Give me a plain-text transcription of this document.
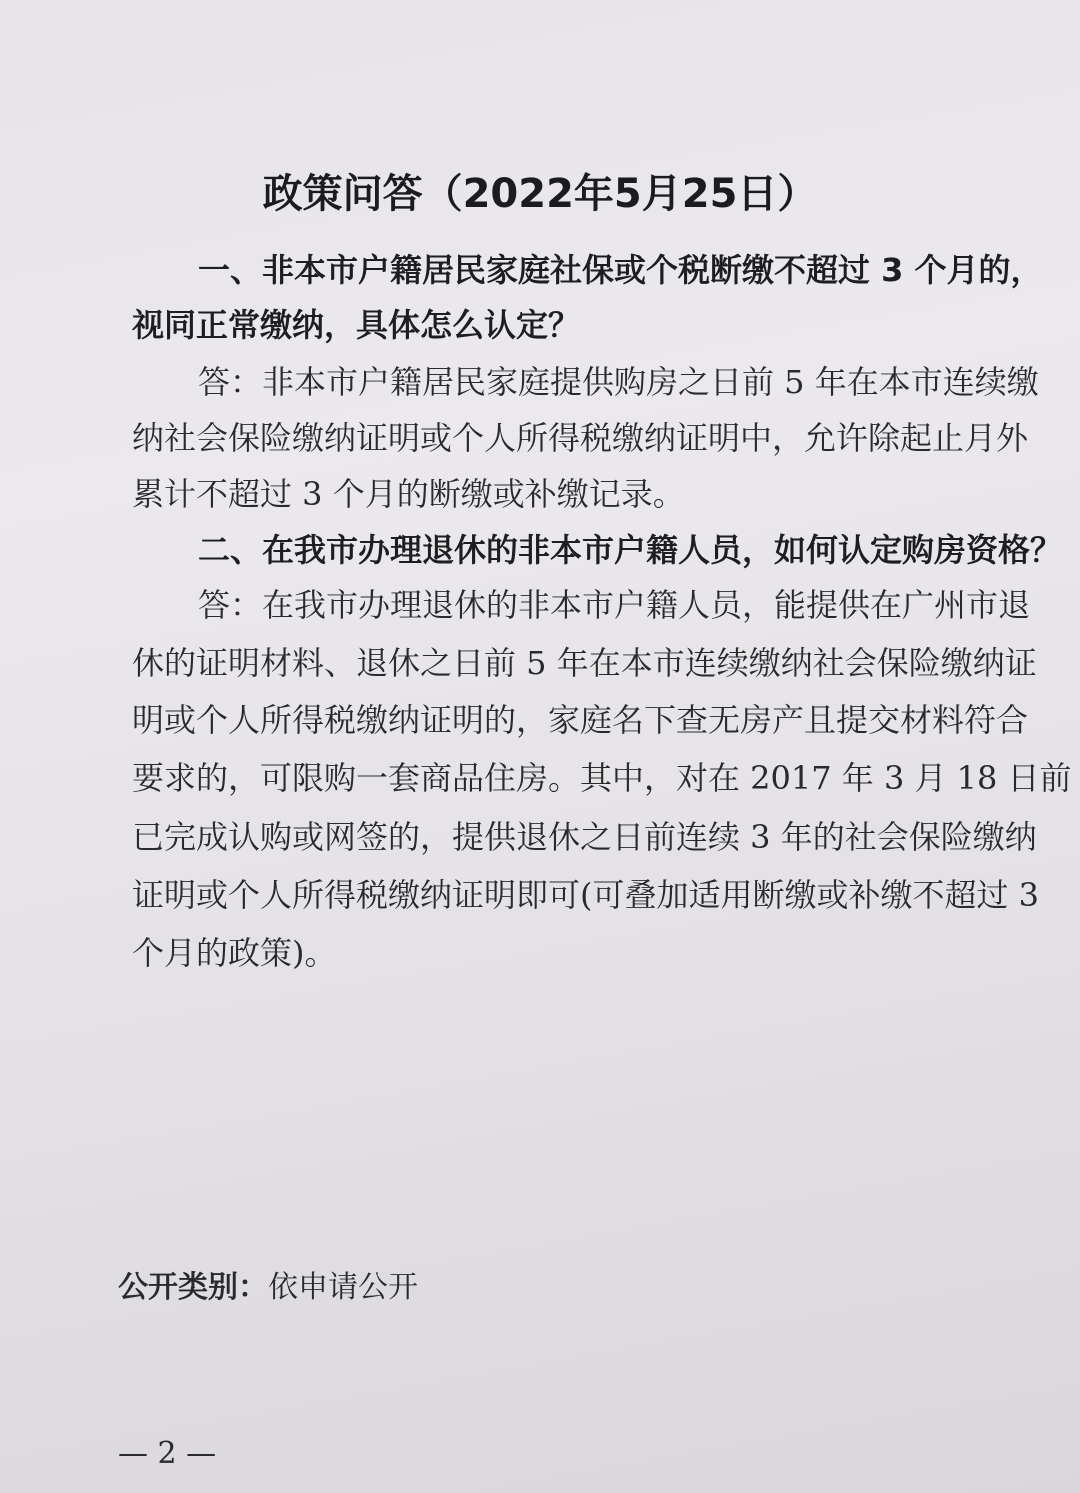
政策问答（2022年5月25日）
一、非本市户籍居民家庭社保或个税断缴不超过 3 个月的，
视同正常缴纳，具体怎么认定？
答：非本市户籍居民家庭提供购房之日前 5 年在本市连续缴
纳社会保险缴纳证明或个人所得税缴纳证明中，允许除起止月外
累计不超过 3 个月的断缴或补缴记录。
二、在我市办理退休的非本市户籍人员，如何认定购房资格？
答：在我市办理退休的非本市户籍人员，能提供在广州市退
休的证明材料、退休之日前 5 年在本市连续缴纳社会保险缴纳证
明或个人所得税缴纳证明的，家庭名下查无房产且提交材料符合
要求的，可限购一套商品住房。其中，对在 2017 年 3 月 18 日前
已完成认购或网签的，提供退休之日前连续 3 年的社会保险缴纳
证明或个人所得税缴纳证明即可(可叠加适用断缴或补缴不超过 3
个月的政策)。
公开类别：依申请公开
— 2 —
